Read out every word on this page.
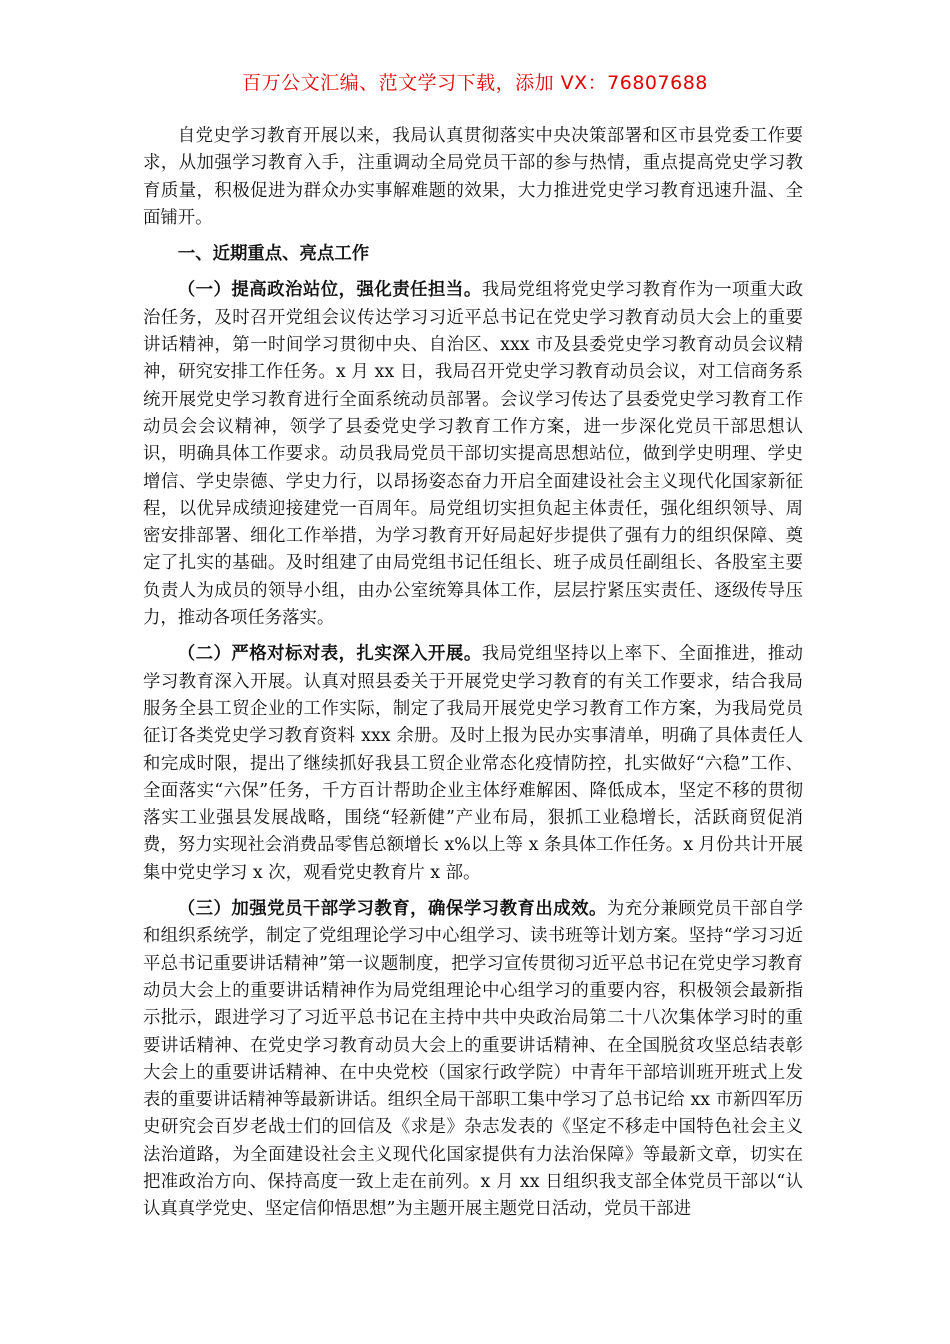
百万公文汇编、范文学习下载，添加 VX：76807688

自党史学习教育开展以来，我局认真贯彻落实中央决策部署和区市县党委工作要求，从加强学习教育入手，注重调动全局党员干部的参与热情，重点提高党史学习教育质量，积极促进为群众办实事解难题的效果，大力推进党史学习教育迅速升温、全面铺开。

一、近期重点、亮点工作

（一）提高政治站位，强化责任担当。我局党组将党史学习教育作为一项重大政治任务，及时召开党组会议传达学习习近平总书记在党史学习教育动员大会上的重要讲话精神，第一时间学习贯彻中央、自治区、xxx 市及县委党史学习教育动员会议精神，研究安排工作任务。x 月 xx 日，我局召开党史学习教育动员会议，对工信商务系统开展党史学习教育进行全面系统动员部署。会议学习传达了县委党史学习教育工作动员会会议精神，领学了县委党史学习教育工作方案，进一步深化党员干部思想认识，明确具体工作要求。动员我局党员干部切实提高思想站位，做到学史明理、学史增信、学史崇德、学史力行，以昂扬姿态奋力开启全面建设社会主义现代化国家新征程，以优异成绩迎接建党一百周年。局党组切实担负起主体责任，强化组织领导、周密安排部署、细化工作举措，为学习教育开好局起好步提供了强有力的组织保障、奠定了扎实的基础。及时组建了由局党组书记任组长、班子成员任副组长、各股室主要负责人为成员的领导小组，由办公室统筹具体工作，层层拧紧压实责任、逐级传导压力，推动各项任务落实。

（二）严格对标对表，扎实深入开展。我局党组坚持以上率下、全面推进，推动学习教育深入开展。认真对照县委关于开展党史学习教育的有关工作要求，结合我局服务全县工贸企业的工作实际，制定了我局开展党史学习教育工作方案，为我局党员征订各类党史学习教育资料 xxx 余册。及时上报为民办实事清单，明确了具体责任人和完成时限，提出了继续抓好我县工贸企业常态化疫情防控，扎实做好“六稳”工作、全面落实“六保”任务，千方百计帮助企业主体纾难解困、降低成本，坚定不移的贯彻落实工业强县发展战略，围绕“轻新健”产业布局，狠抓工业稳增长，活跃商贸促消费，努力实现社会消费品零售总额增长 x%以上等 x 条具体工作任务。x 月份共计开展集中党史学习 x 次，观看党史教育片 x 部。

（三）加强党员干部学习教育，确保学习教育出成效。为充分兼顾党员干部自学和组织系统学，制定了党组理论学习中心组学习、读书班等计划方案。坚持“学习习近平总书记重要讲话精神”第一议题制度，把学习宣传贯彻习近平总书记在党史学习教育动员大会上的重要讲话精神作为局党组理论中心组学习的重要内容，积极领会最新指示批示，跟进学习了习近平总书记在主持中共中央政治局第二十八次集体学习时的重要讲话精神、在党史学习教育动员大会上的重要讲话精神、在全国脱贫攻坚总结表彰大会上的重要讲话精神、在中央党校（国家行政学院）中青年干部培训班开班式上发表的重要讲话精神等最新讲话。组织全局干部职工集中学习了总书记给 xx 市新四军历史研究会百岁老战士们的回信及《求是》杂志发表的《坚定不移走中国特色社会主义法治道路，为全面建设社会主义现代化国家提供有力法治保障》等最新文章，切实在把准政治方向、保持高度一致上走在前列。x 月 xx 日组织我支部全体党员干部以“认认真真学党史、坚定信仰悟思想”为主题开展主题党日活动，党员干部进
